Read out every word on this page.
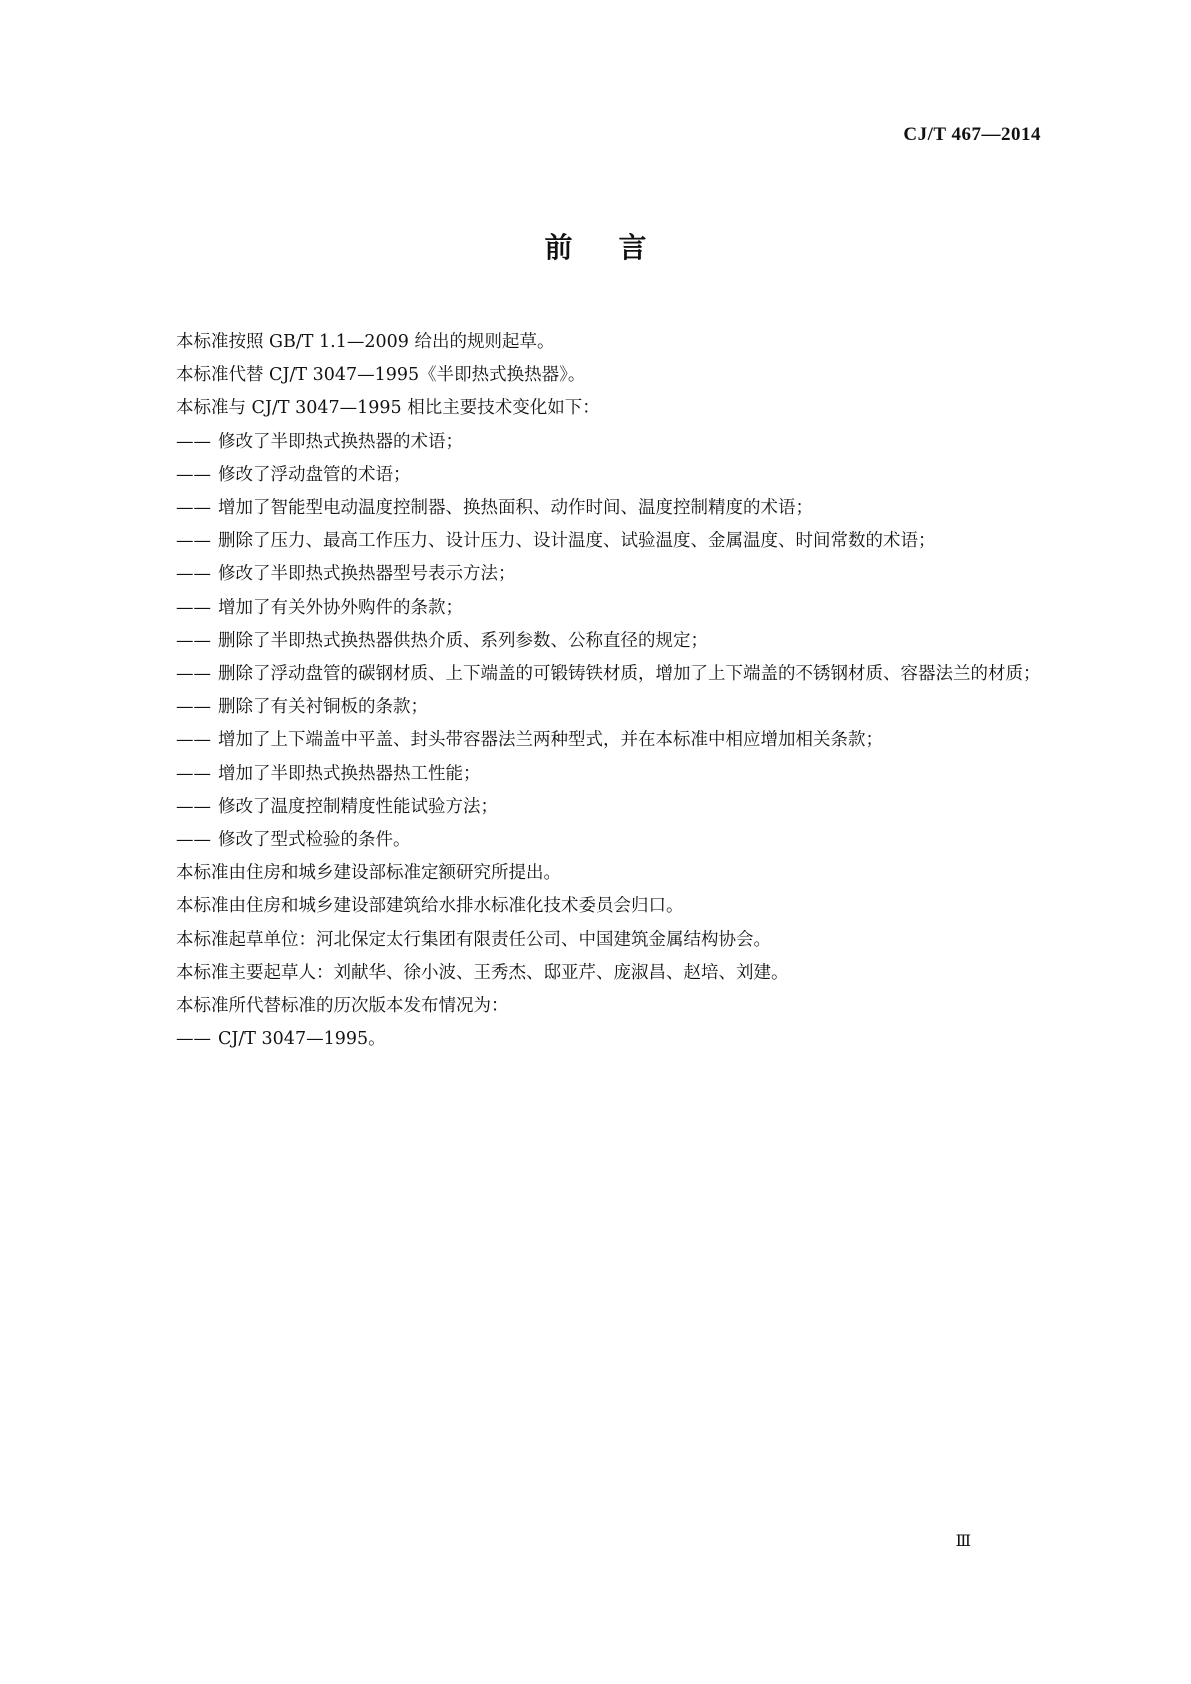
CJ/T 467—2014
前言

本标准按照 GB/T 1.1—2009 给出的规则起草。

本标准代替 CJ/T 3047—1995《半即热式换热器》。

本标准与 CJ/T 3047—1995 相比主要技术变化如下：

—— 修改了半即热式换热器的术语；

—— 修改了浮动盘管的术语；

—— 增加了智能型电动温度控制器、换热面积、动作时间、温度控制精度的术语；

—— 删除了压力、最高工作压力、设计压力、设计温度、试验温度、金属温度、时间常数的术语；

—— 修改了半即热式换热器型号表示方法；

—— 增加了有关外协外购件的条款；

—— 删除了半即热式换热器供热介质、系列参数、公称直径的规定；

—— 删除了浮动盘管的碳钢材质、上下端盖的可锻铸铁材质，增加了上下端盖的不锈钢材质、容器法兰的材质；

—— 删除了有关衬铜板的条款；

—— 增加了上下端盖中平盖、封头带容器法兰两种型式，并在本标准中相应增加相关条款；

—— 增加了半即热式换热器热工性能；

—— 修改了温度控制精度性能试验方法；

—— 修改了型式检验的条件。

本标准由住房和城乡建设部标准定额研究所提出。

本标准由住房和城乡建设部建筑给水排水标准化技术委员会归口。

本标准起草单位：河北保定太行集团有限责任公司、中国建筑金属结构协会。

本标准主要起草人：刘献华、徐小波、王秀杰、邸亚芹、庞淑昌、赵培、刘建。

本标准所代替标准的历次版本发布情况为：

—— CJ/T 3047—1995。

Ⅲ
